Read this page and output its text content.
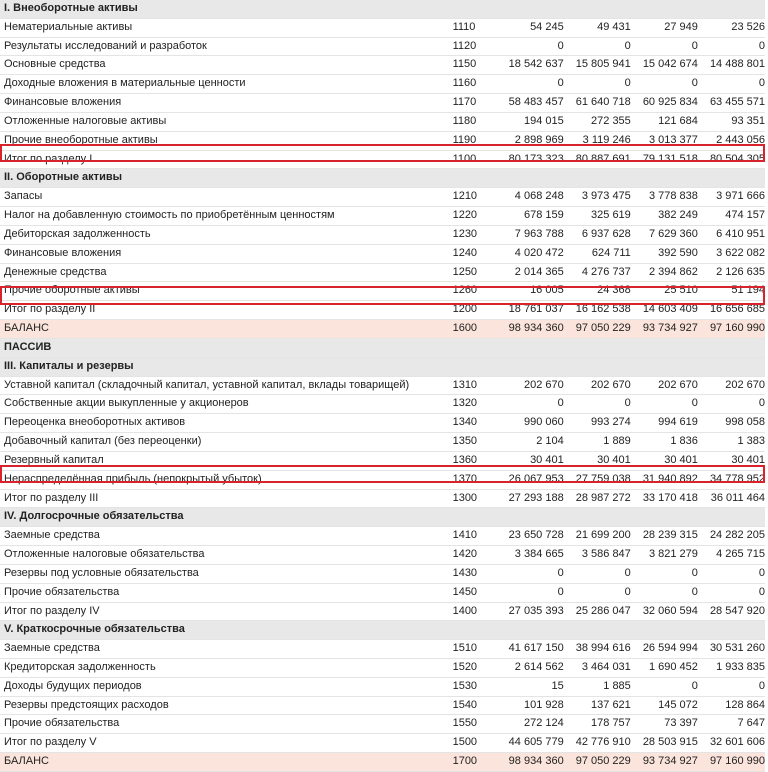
I. Внеоборотные активы					
Нематериальные активы	1110	54 245	49 431	27 949	23 526
Результаты исследований и разработок	1120	0	0	0	0
Основные средства	1150	18 542 637	15 805 941	15 042 674	14 488 801
Доходные вложения в материальные ценности	1160	0	0	0	0
Финансовые вложения	1170	58 483 457	61 640 718	60 925 834	63 455 571
Отложенные налоговые активы	1180	194 015	272 355	121 684	93 351
Прочие внеоборотные активы	1190	2 898 969	3 119 246	3 013 377	2 443 056
Итог по разделу I	1100	80 173 323	80 887 691	79 131 518	80 504 305
II. Оборотные активы					
Запасы	1210	4 068 248	3 973 475	3 778 838	3 971 666
Налог на добавленную стоимость по приобретённым ценностям	1220	678 159	325 619	382 249	474 157
Дебиторская задолженность	1230	7 963 788	6 937 628	7 629 360	6 410 951
Финансовые вложения	1240	4 020 472	624 711	392 590	3 622 082
Денежные средства	1250	2 014 365	4 276 737	2 394 862	2 126 635
Прочие оборотные активы	1260	16 005	24 368	25 510	51 194
Итог по разделу II	1200	18 761 037	16 162 538	14 603 409	16 656 685
БАЛАНС	1600	98 934 360	97 050 229	93 734 927	97 160 990
ПАССИВ					
III. Капиталы и резервы					
Уставной капитал (складочный капитал, уставной капитал, вклады товарищей)	1310	202 670	202 670	202 670	202 670
Собственные акции выкупленные у акционеров	1320	0	0	0	0
Переоценка внеоборотных активов	1340	990 060	993 274	994 619	998 058
Добавочный капитал (без переоценки)	1350	2 104	1 889	1 836	1 383
Резервный капитал	1360	30 401	30 401	30 401	30 401
Нераспределённая прибыль (непокрытый убыток)	1370	26 067 953	27 759 038	31 940 892	34 778 952
Итог по разделу III	1300	27 293 188	28 987 272	33 170 418	36 011 464
IV. Долгосрочные обязательства					
Заемные средства	1410	23 650 728	21 699 200	28 239 315	24 282 205
Отложенные налоговые обязательства	1420	3 384 665	3 586 847	3 821 279	4 265 715
Резервы под условные обязательства	1430	0	0	0	0
Прочие обязательства	1450	0	0	0	0
Итог по разделу IV	1400	27 035 393	25 286 047	32 060 594	28 547 920
V. Краткосрочные обязательства					
Заемные средства	1510	41 617 150	38 994 616	26 594 994	30 531 260
Кредиторская задолженность	1520	2 614 562	3 464 031	1 690 452	1 933 835
Доходы будущих периодов	1530	15	1 885	0	0
Резервы предстоящих расходов	1540	101 928	137 621	145 072	128 864
Прочие обязательства	1550	272 124	178 757	73 397	7 647
Итог по разделу V	1500	44 605 779	42 776 910	28 503 915	32 601 606
БАЛАНС	1700	98 934 360	97 050 229	93 734 927	97 160 990
